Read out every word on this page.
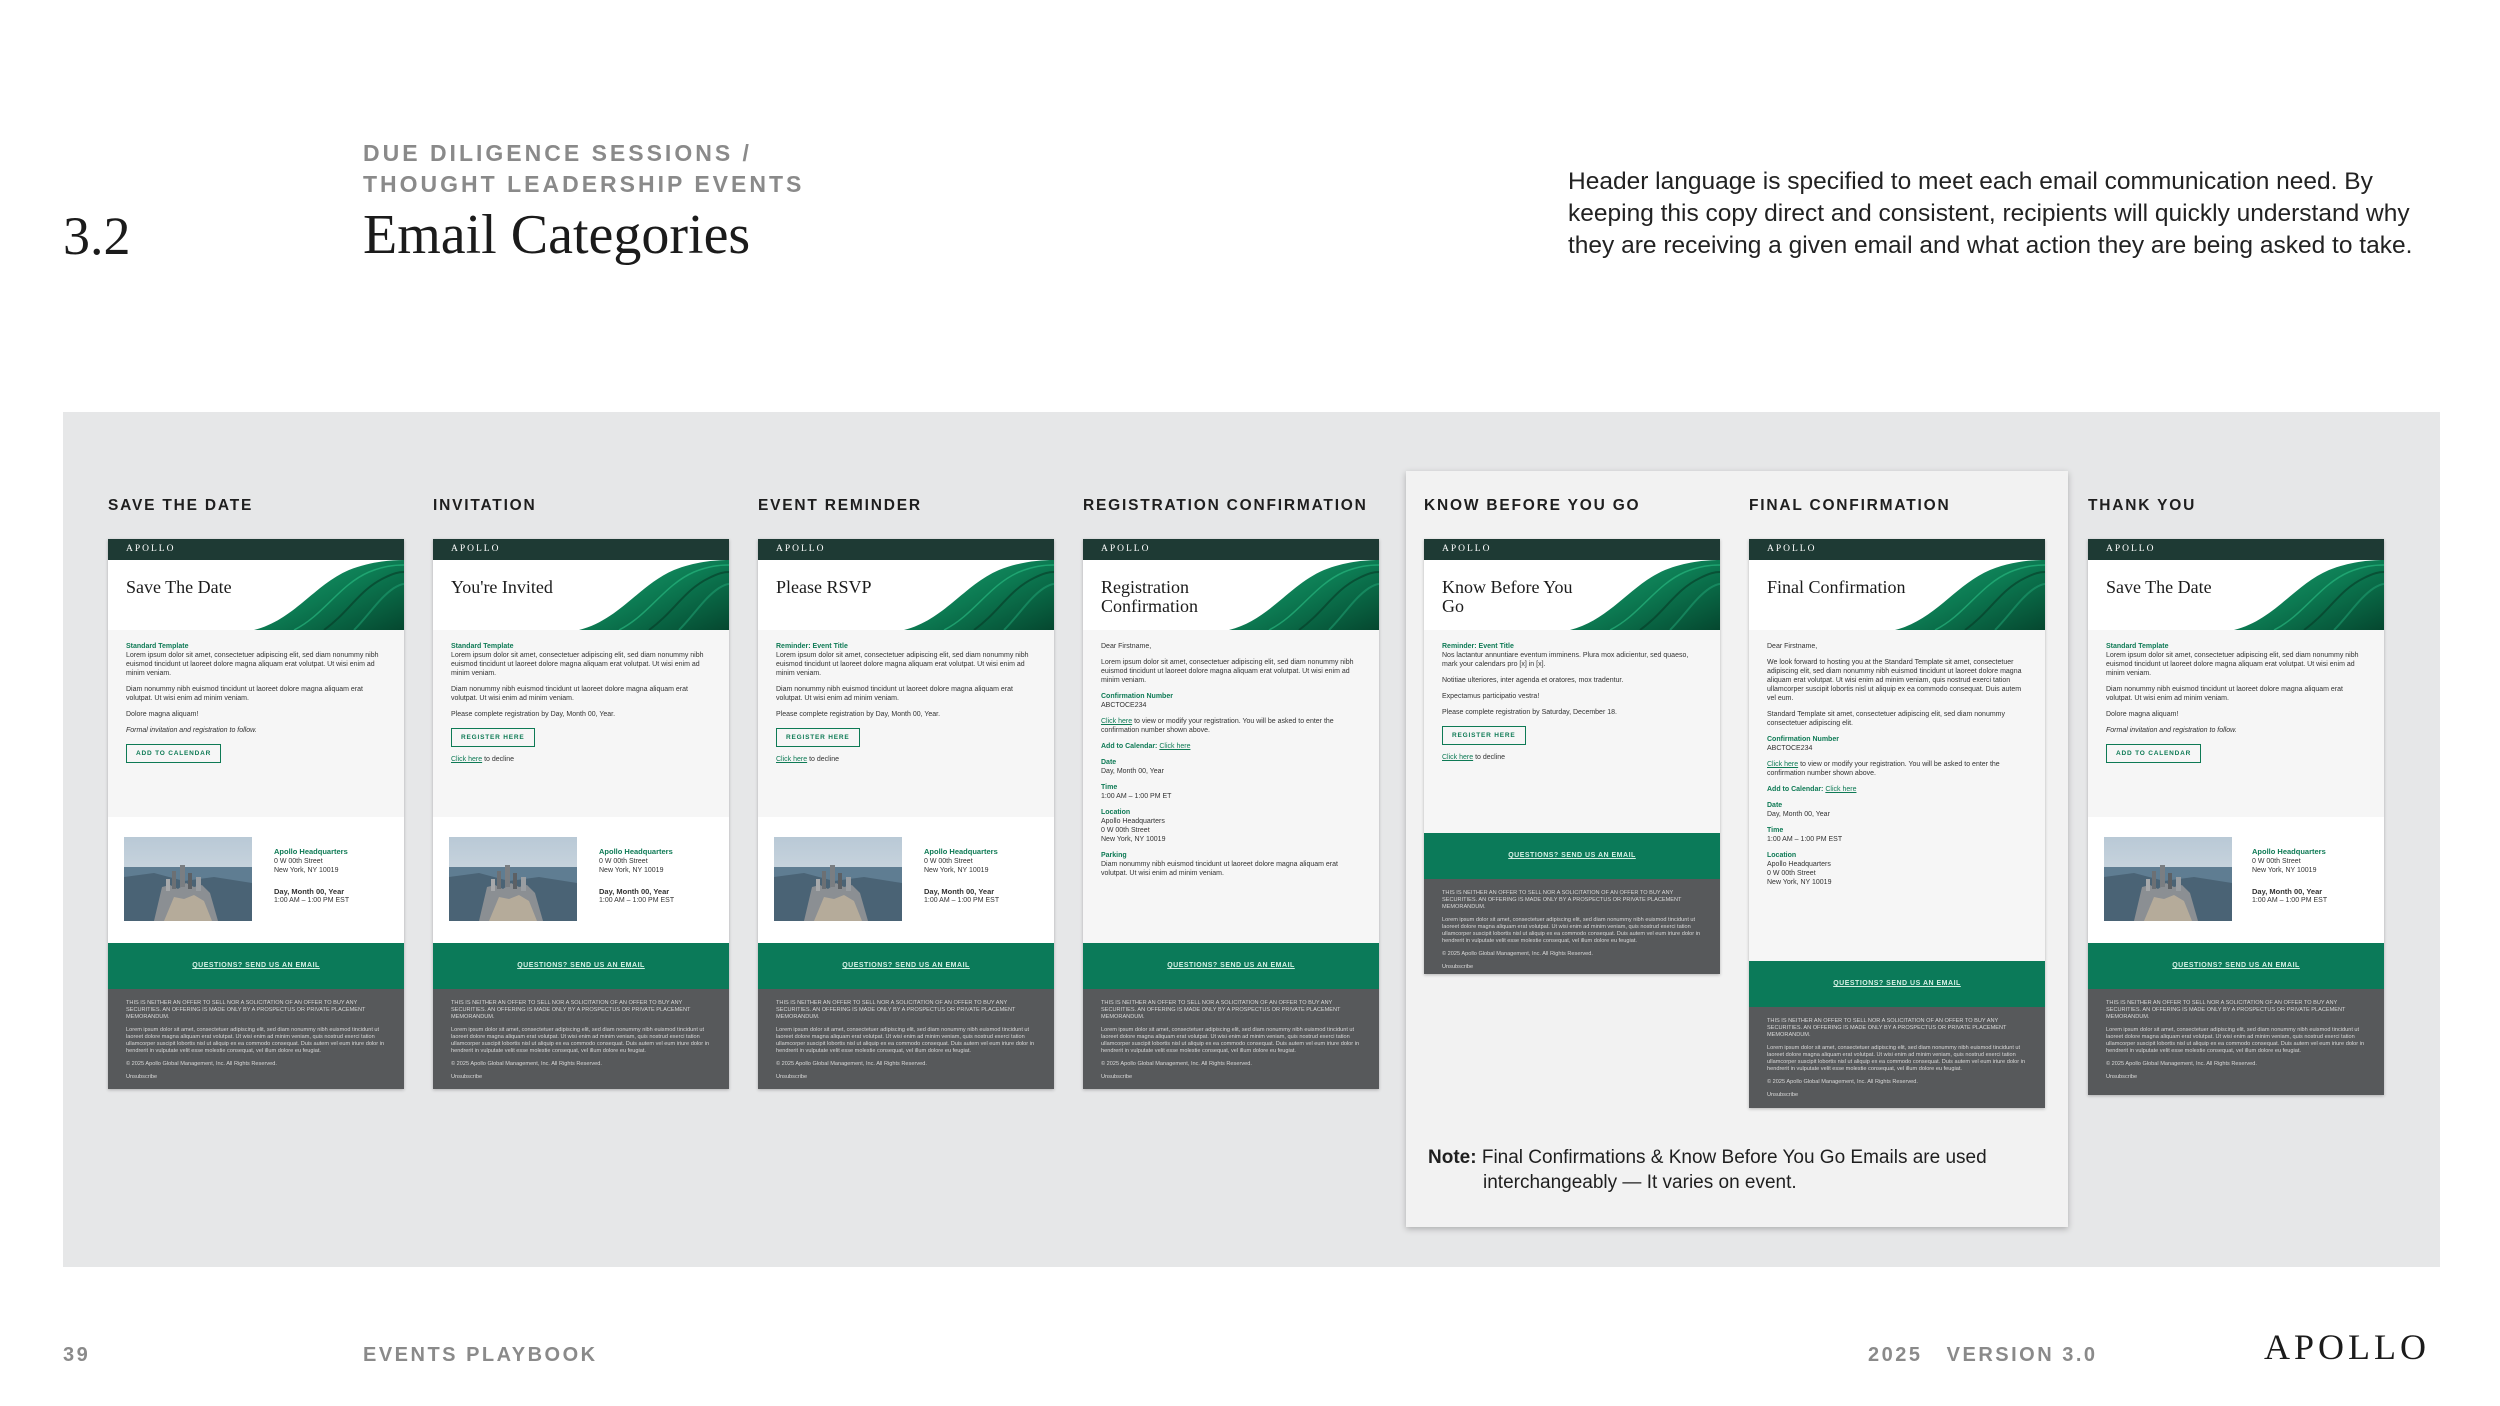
3.2
DUE DILIGENCE SESSIONS /
THOUGHT LEADERSHIP EVENTS
Email Categories
Header language is specified to meet each email communication need. By keeping this copy direct and consistent, recipients will quickly understand why they are receiving a given email and what action they are being asked to take.
SAVE THE DATE	INVITATION	EVENT REMINDER	REGISTRATION CONFIRMATION	KNOW BEFORE YOU GO	FINAL CONFIRMATION	THANK YOU
APOLLO
Save The Date

Standard Template
Lorem ipsum dolor sit amet, consectetuer adipiscing elit, sed diam nonummy nibh euismod tincidunt ut laoreet dolore magna aliquam erat volutpat. Ut wisi enim ad minim veniam.

Diam nonummy nibh euismod tincidunt ut laoreet dolore magna aliquam erat volutpat. Ut wisi enim ad minim veniam.

Dolore magna aliquam!

Formal invitation and registration to follow.

ADD TO CALENDAR
Apollo Headquarters
0 W 00th Street
New York, NY 10019
Day, Month 00, Year
1:00 AM – 1:00 PM EST
QUESTIONS? SEND US AN EMAIL

THIS IS NEITHER AN OFFER TO SELL NOR A SOLICITATION OF AN OFFER TO BUY ANY SECURITIES. AN OFFERING IS MADE ONLY BY A PROSPECTUS OR PRIVATE PLACEMENT MEMORANDUM.

Lorem ipsum dolor sit amet, consectetuer adipiscing elit, sed diam nonummy nibh euismod tincidunt ut laoreet dolore magna aliquam erat volutpat. Ut wisi enim ad minim veniam, quis nostrud exerci tation ullamcorper suscipit lobortis nisl ut aliquip ex ea commodo consequat. Duis autem vel eum iriure dolor in hendrerit in vulputate velit esse molestie consequat, vel illum dolore eu feugiat.

© 2025 Apollo Global Management, Inc. All Rights Reserved.

Unsubscribe

APOLLO
You're Invited

Standard Template
Lorem ipsum dolor sit amet, consectetuer adipiscing elit, sed diam nonummy nibh euismod tincidunt ut laoreet dolore magna aliquam erat volutpat. Ut wisi enim ad minim veniam.

Diam nonummy nibh euismod tincidunt ut laoreet dolore magna aliquam erat volutpat. Ut wisi enim ad minim veniam.

Please complete registration by Day, Month 00, Year.

REGISTER HERE

Click here to decline

Apollo Headquarters
0 W 00th Street
New York, NY 10019
Day, Month 00, Year
1:00 AM – 1:00 PM EST
QUESTIONS? SEND US AN EMAIL

THIS IS NEITHER AN OFFER TO SELL NOR A SOLICITATION OF AN OFFER TO BUY ANY SECURITIES. AN OFFERING IS MADE ONLY BY A PROSPECTUS OR PRIVATE PLACEMENT MEMORANDUM.

Lorem ipsum dolor sit amet, consectetuer adipiscing elit, sed diam nonummy nibh euismod tincidunt ut laoreet dolore magna aliquam erat volutpat. Ut wisi enim ad minim veniam, quis nostrud exerci tation ullamcorper suscipit lobortis nisl ut aliquip ex ea commodo consequat. Duis autem vel eum iriure dolor in hendrerit in vulputate velit esse molestie consequat, vel illum dolore eu feugiat.

© 2025 Apollo Global Management, Inc. All Rights Reserved.

Unsubscribe

APOLLO
Please RSVP

Reminder: Event Title
Lorem ipsum dolor sit amet, consectetuer adipiscing elit, sed diam nonummy nibh euismod tincidunt ut laoreet dolore magna aliquam erat volutpat. Ut wisi enim ad minim veniam.

Diam nonummy nibh euismod tincidunt ut laoreet dolore magna aliquam erat volutpat. Ut wisi enim ad minim veniam.

Please complete registration by Day, Month 00, Year.

REGISTER HERE

Click here to decline

Apollo Headquarters
0 W 00th Street
New York, NY 10019
Day, Month 00, Year
1:00 AM – 1:00 PM EST
QUESTIONS? SEND US AN EMAIL

THIS IS NEITHER AN OFFER TO SELL NOR A SOLICITATION OF AN OFFER TO BUY ANY SECURITIES. AN OFFERING IS MADE ONLY BY A PROSPECTUS OR PRIVATE PLACEMENT MEMORANDUM.

Lorem ipsum dolor sit amet, consectetuer adipiscing elit, sed diam nonummy nibh euismod tincidunt ut laoreet dolore magna aliquam erat volutpat. Ut wisi enim ad minim veniam, quis nostrud exerci tation ullamcorper suscipit lobortis nisl ut aliquip ex ea commodo consequat. Duis autem vel eum iriure dolor in hendrerit in vulputate velit esse molestie consequat, vel illum dolore eu feugiat.

© 2025 Apollo Global Management, Inc. All Rights Reserved.

Unsubscribe

APOLLO
Registration Confirmation

Dear Firstname,

Lorem ipsum dolor sit amet, consectetuer adipiscing elit, sed diam nonummy nibh euismod tincidunt ut laoreet dolore magna aliquam erat volutpat. Ut wisi enim ad minim veniam.

Confirmation Number
ABCTOCE234

Click here to view or modify your registration. You will be asked to enter the confirmation number shown above.

Add to Calendar: Click here

Date
Day, Month 00, Year

Time
1:00 AM – 1:00 PM ET

Location
Apollo Headquarters
0 W 00th Street
New York, NY 10019

Parking
Diam nonummy nibh euismod tincidunt ut laoreet dolore magna aliquam erat volutpat. Ut wisi enim ad minim veniam.

QUESTIONS? SEND US AN EMAIL

THIS IS NEITHER AN OFFER TO SELL NOR A SOLICITATION OF AN OFFER TO BUY ANY SECURITIES. AN OFFERING IS MADE ONLY BY A PROSPECTUS OR PRIVATE PLACEMENT MEMORANDUM.

Lorem ipsum dolor sit amet, consectetuer adipiscing elit, sed diam nonummy nibh euismod tincidunt ut laoreet dolore magna aliquam erat volutpat. Ut wisi enim ad minim veniam, quis nostrud exerci tation ullamcorper suscipit lobortis nisl ut aliquip ex ea commodo consequat. Duis autem vel eum iriure dolor in hendrerit in vulputate velit esse molestie consequat, vel illum dolore eu feugiat.

© 2025 Apollo Global Management, Inc. All Rights Reserved.

Unsubscribe

APOLLO
Know Before You Go

Reminder: Event Title
Nos lactantur annuntiare eventum imminens. Plura mox adicientur, sed quaeso, mark your calendars pro [x] in [x].

Notitiae ulteriores, inter agenda et oratores, mox tradentur.

Expectamus participatio vestra!

Please complete registration by Saturday, December 18.

REGISTER HERE

Click here to decline

QUESTIONS? SEND US AN EMAIL

THIS IS NEITHER AN OFFER TO SELL NOR A SOLICITATION OF AN OFFER TO BUY ANY SECURITIES. AN OFFERING IS MADE ONLY BY A PROSPECTUS OR PRIVATE PLACEMENT MEMORANDUM.

Lorem ipsum dolor sit amet, consectetuer adipiscing elit, sed diam nonummy nibh euismod tincidunt ut laoreet dolore magna aliquam erat volutpat. Ut wisi enim ad minim veniam, quis nostrud exerci tation ullamcorper suscipit lobortis nisl ut aliquip ex ea commodo consequat. Duis autem vel eum iriure dolor in hendrerit in vulputate velit esse molestie consequat, vel illum dolore eu feugiat.

© 2025 Apollo Global Management, Inc. All Rights Reserved.

Unsubscribe

APOLLO
Final Confirmation

Dear Firstname,

We look forward to hosting you at the Standard Template sit amet, consectetuer adipiscing elit, sed diam nonummy nibh euismod tincidunt ut laoreet dolore magna aliquam erat volutpat. Ut wisi enim ad minim veniam, quis nostrud exerci tation ullamcorper suscipit lobortis nisl ut aliquip ex ea commodo consequat. Duis autem vel eum.

Standard Template sit amet, consectetuer adipiscing elit, sed diam nonummy consectetuer adipiscing elit.

Confirmation Number
ABCTOCE234

Click here to view or modify your registration. You will be asked to enter the confirmation number shown above.

Add to Calendar: Click here

Date
Day, Month 00, Year

Time
1:00 AM – 1:00 PM EST

Location
Apollo Headquarters
0 W 00th Street
New York, NY 10019

QUESTIONS? SEND US AN EMAIL

THIS IS NEITHER AN OFFER TO SELL NOR A SOLICITATION OF AN OFFER TO BUY ANY SECURITIES. AN OFFERING IS MADE ONLY BY A PROSPECTUS OR PRIVATE PLACEMENT MEMORANDUM.

Lorem ipsum dolor sit amet, consectetuer adipiscing elit, sed diam nonummy nibh euismod tincidunt ut laoreet dolore magna aliquam erat volutpat. Ut wisi enim ad minim veniam, quis nostrud exerci tation ullamcorper suscipit lobortis nisl ut aliquip ex ea commodo consequat. Duis autem vel eum iriure dolor in hendrerit in vulputate velit esse molestie consequat, vel illum dolore eu feugiat.

© 2025 Apollo Global Management, Inc. All Rights Reserved.

Unsubscribe

APOLLO
Save The Date

Standard Template
Lorem ipsum dolor sit amet, consectetuer adipiscing elit, sed diam nonummy nibh euismod tincidunt ut laoreet dolore magna aliquam erat volutpat. Ut wisi enim ad minim veniam.

Diam nonummy nibh euismod tincidunt ut laoreet dolore magna aliquam erat volutpat. Ut wisi enim ad minim veniam.

Dolore magna aliquam!

Formal invitation and registration to follow.

ADD TO CALENDAR
Apollo Headquarters
0 W 00th Street
New York, NY 10019
Day, Month 00, Year
1:00 AM – 1:00 PM EST
QUESTIONS? SEND US AN EMAIL

THIS IS NEITHER AN OFFER TO SELL NOR A SOLICITATION OF AN OFFER TO BUY ANY SECURITIES. AN OFFERING IS MADE ONLY BY A PROSPECTUS OR PRIVATE PLACEMENT MEMORANDUM.

Lorem ipsum dolor sit amet, consectetuer adipiscing elit, sed diam nonummy nibh euismod tincidunt ut laoreet dolore magna aliquam erat volutpat. Ut wisi enim ad minim veniam, quis nostrud exerci tation ullamcorper suscipit lobortis nisl ut aliquip ex ea commodo consequat. Duis autem vel eum iriure dolor in hendrerit in vulputate velit esse molestie consequat, vel illum dolore eu feugiat.

© 2025 Apollo Global Management, Inc. All Rights Reserved.

Unsubscribe

Note: Final Confirmations & Know Before You Go Emails are used interchangeably — It varies on event.
39	EVENTS PLAYBOOK	2025   VERSION 3.0	APOLLO
